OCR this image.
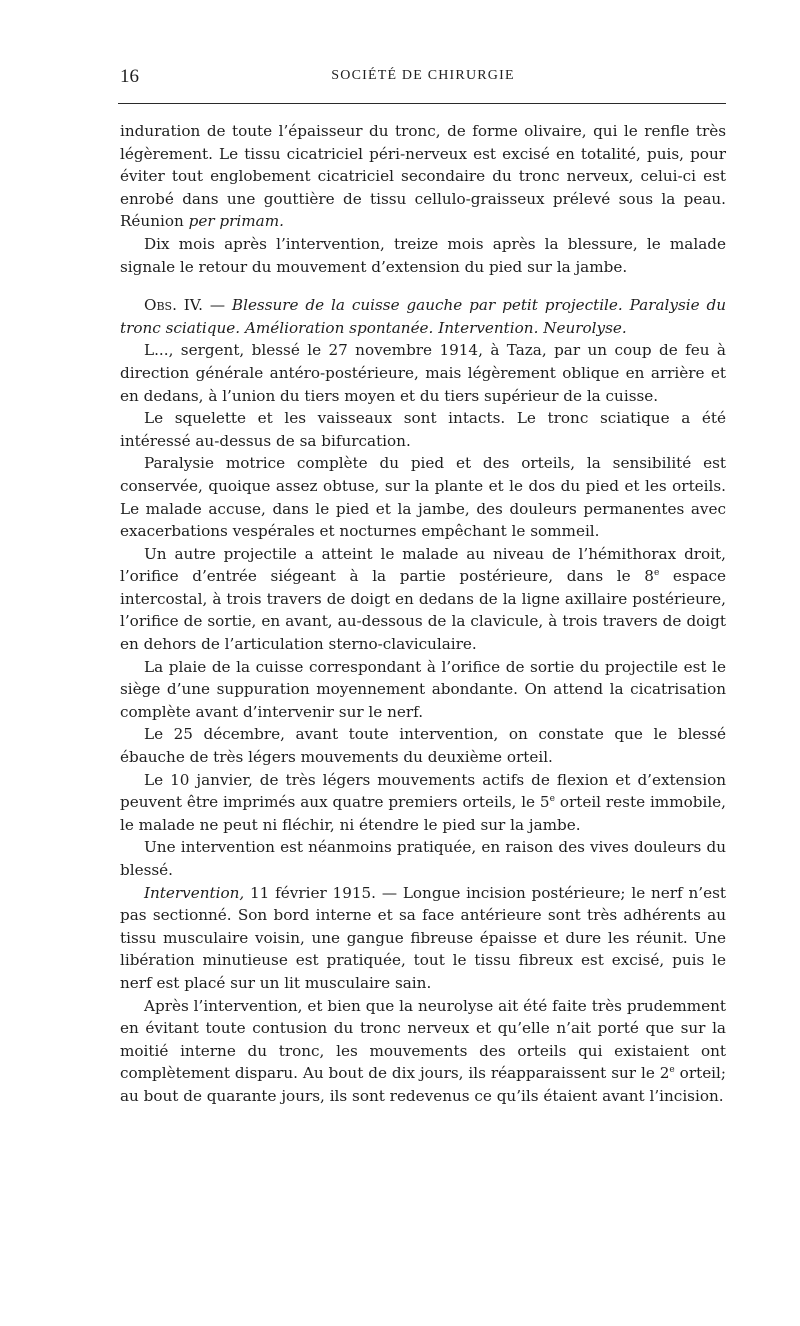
16	SOCIÉTÉ DE CHIRURGIE

induration de toute l’épaisseur du tronc, de forme olivaire, qui le renfle très légèrement. Le tissu cicatriciel péri-nerveux est excisé en totalité, puis, pour éviter tout englobement cicatriciel secondaire du tronc nerveux, celui-ci est enrobé dans une gouttière de tissu cellulo-graisseux prélevé sous la peau. Réunion per primam.

Dix mois après l’intervention, treize mois après la blessure, le malade signale le retour du mouvement d’extension du pied sur la jambe.

Obs. IV. — Blessure de la cuisse gauche par petit projectile. Paralysie du tronc sciatique. Amélioration spontanée. Intervention. Neurolyse.

L..., sergent, blessé le 27 novembre 1914, à Taza, par un coup de feu à direction générale antéro-postérieure, mais légèrement oblique en arrière et en dedans, à l’union du tiers moyen et du tiers supérieur de la cuisse.

Le squelette et les vaisseaux sont intacts. Le tronc sciatique a été intéressé au-dessus de sa bifurcation.

Paralysie motrice complète du pied et des orteils, la sensibilité est conservée, quoique assez obtuse, sur la plante et le dos du pied et les orteils. Le malade accuse, dans le pied et la jambe, des douleurs permanentes avec exacerbations vespérales et nocturnes empêchant le sommeil.

Un autre projectile a atteint le malade au niveau de l’hémithorax droit, l’orifice d’entrée siégeant à la partie postérieure, dans le 8e espace intercostal, à trois travers de doigt en dedans de la ligne axillaire postérieure, l’orifice de sortie, en avant, au-dessous de la clavicule, à trois travers de doigt en dehors de l’articulation sterno-claviculaire.

La plaie de la cuisse correspondant à l’orifice de sortie du projectile est le siège d’une suppuration moyennement abondante. On attend la cicatrisation complète avant d’intervenir sur le nerf.

Le 25 décembre, avant toute intervention, on constate que le blessé ébauche de très légers mouvements du deuxième orteil.

Le 10 janvier, de très légers mouvements actifs de flexion et d’extension peuvent être imprimés aux quatre premiers orteils, le 5e orteil reste immobile, le malade ne peut ni fléchir, ni étendre le pied sur la jambe.

Une intervention est néanmoins pratiquée, en raison des vives douleurs du blessé.

Intervention, 11 février 1915. — Longue incision postérieure; le nerf n’est pas sectionné. Son bord interne et sa face antérieure sont très adhérents au tissu musculaire voisin, une gangue fibreuse épaisse et dure les réunit. Une libération minutieuse est pratiquée, tout le tissu fibreux est excisé, puis le nerf est placé sur un lit musculaire sain.

Après l’intervention, et bien que la neurolyse ait été faite très prudemment en évitant toute contusion du tronc nerveux et qu’elle n’ait porté que sur la moitié interne du tronc, les mouvements des orteils qui existaient ont complètement disparu. Au bout de dix jours, ils réapparaissent sur le 2e orteil; au bout de quarante jours, ils sont redevenus ce qu’ils étaient avant l’incision.
